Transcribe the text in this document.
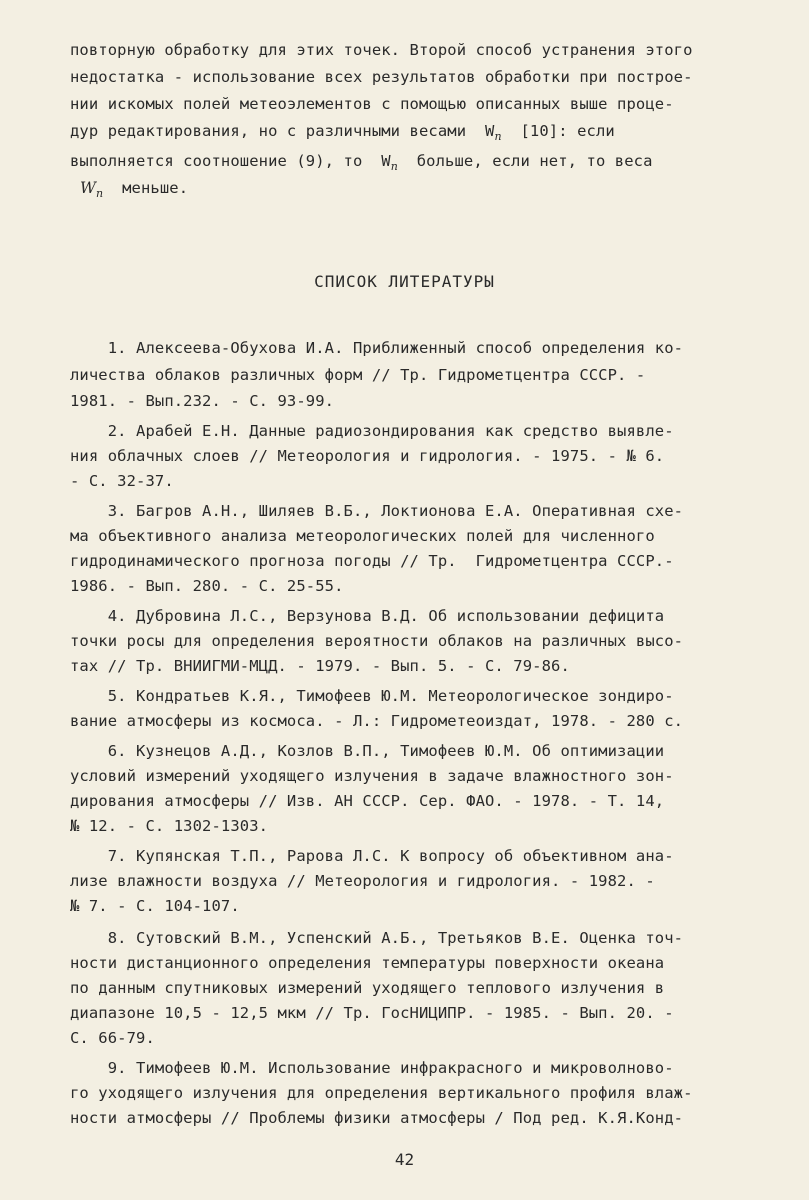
повторную обработку для этих точек. Второй способ устранения этого
недостатка - использование всех результатов обработки при построе-
нии искомых полей метеоэлементов с помощью описанных выше проце-
дур редактирования, но с различными весами  $W_n$  [10]: если
выполняется соотношение (9), то  $W_n$  больше, если нет, то веса
$W_n$  меньше.
СПИСОК ЛИТЕРАТУРЫ
1. Алексеева-Обухова И.А. Приближенный способ определения ко-
личества облаков различных форм // Тр. Гидрометцентра СССР. -
1981. - Вып.232. - С. 93-99.
2. Арабей Е.Н. Данные радиозондирования как средство выявле-
ния облачных слоев // Метеорология и гидрология. - 1975. - № 6.
- С. 32-37.
3. Багров А.Н., Шиляев В.Б., Локтионова Е.А. Оперативная схе-
ма объективного анализа метеорологических полей для численного
гидродинамического прогноза погоды // Тр.  Гидрометцентра СССР.-
1986. - Вып. 280. - С. 25-55.
4. Дубровина Л.С., Верзунова В.Д. Об использовании дефицита
точки росы для определения вероятности облаков на различных высо-
тах // Тр. ВНИИГМИ-МЦД. - 1979. - Вып. 5. - С. 79-86.
5. Кондратьев К.Я., Тимофеев Ю.М. Метеорологическое зондиро-
вание атмосферы из космоса. - Л.: Гидрометеоиздат, 1978. - 280 с.
6. Кузнецов А.Д., Козлов В.П., Тимофеев Ю.М. Об оптимизации
условий измерений уходящего излучения в задаче влажностного зон-
дирования атмосферы // Изв. АН СССР. Сер. ФАО. - 1978. - Т. 14,
№ 12. - С. 1302-1303.
7. Купянская Т.П., Рарова Л.С. К вопросу об объективном ана-
лизе влажности воздуха // Метеорология и гидрология. - 1982. -
№ 7. - С. 104-107.
8. Сутовский В.М., Успенский А.Б., Третьяков В.Е. Оценка точ-
ности дистанционного определения температуры поверхности океана
по данным спутниковых измерений уходящего теплового излучения в
диапазоне 10,5 - 12,5 мкм // Тр. ГосНИЦИПР. - 1985. - Вып. 20. -
С. 66-79.
9. Тимофеев Ю.М. Использование инфракрасного и микроволново-
го уходящего излучения для определения вертикального профиля влаж-
ности атмосферы // Проблемы физики атмосферы / Под ред. К.Я.Конд-
42
